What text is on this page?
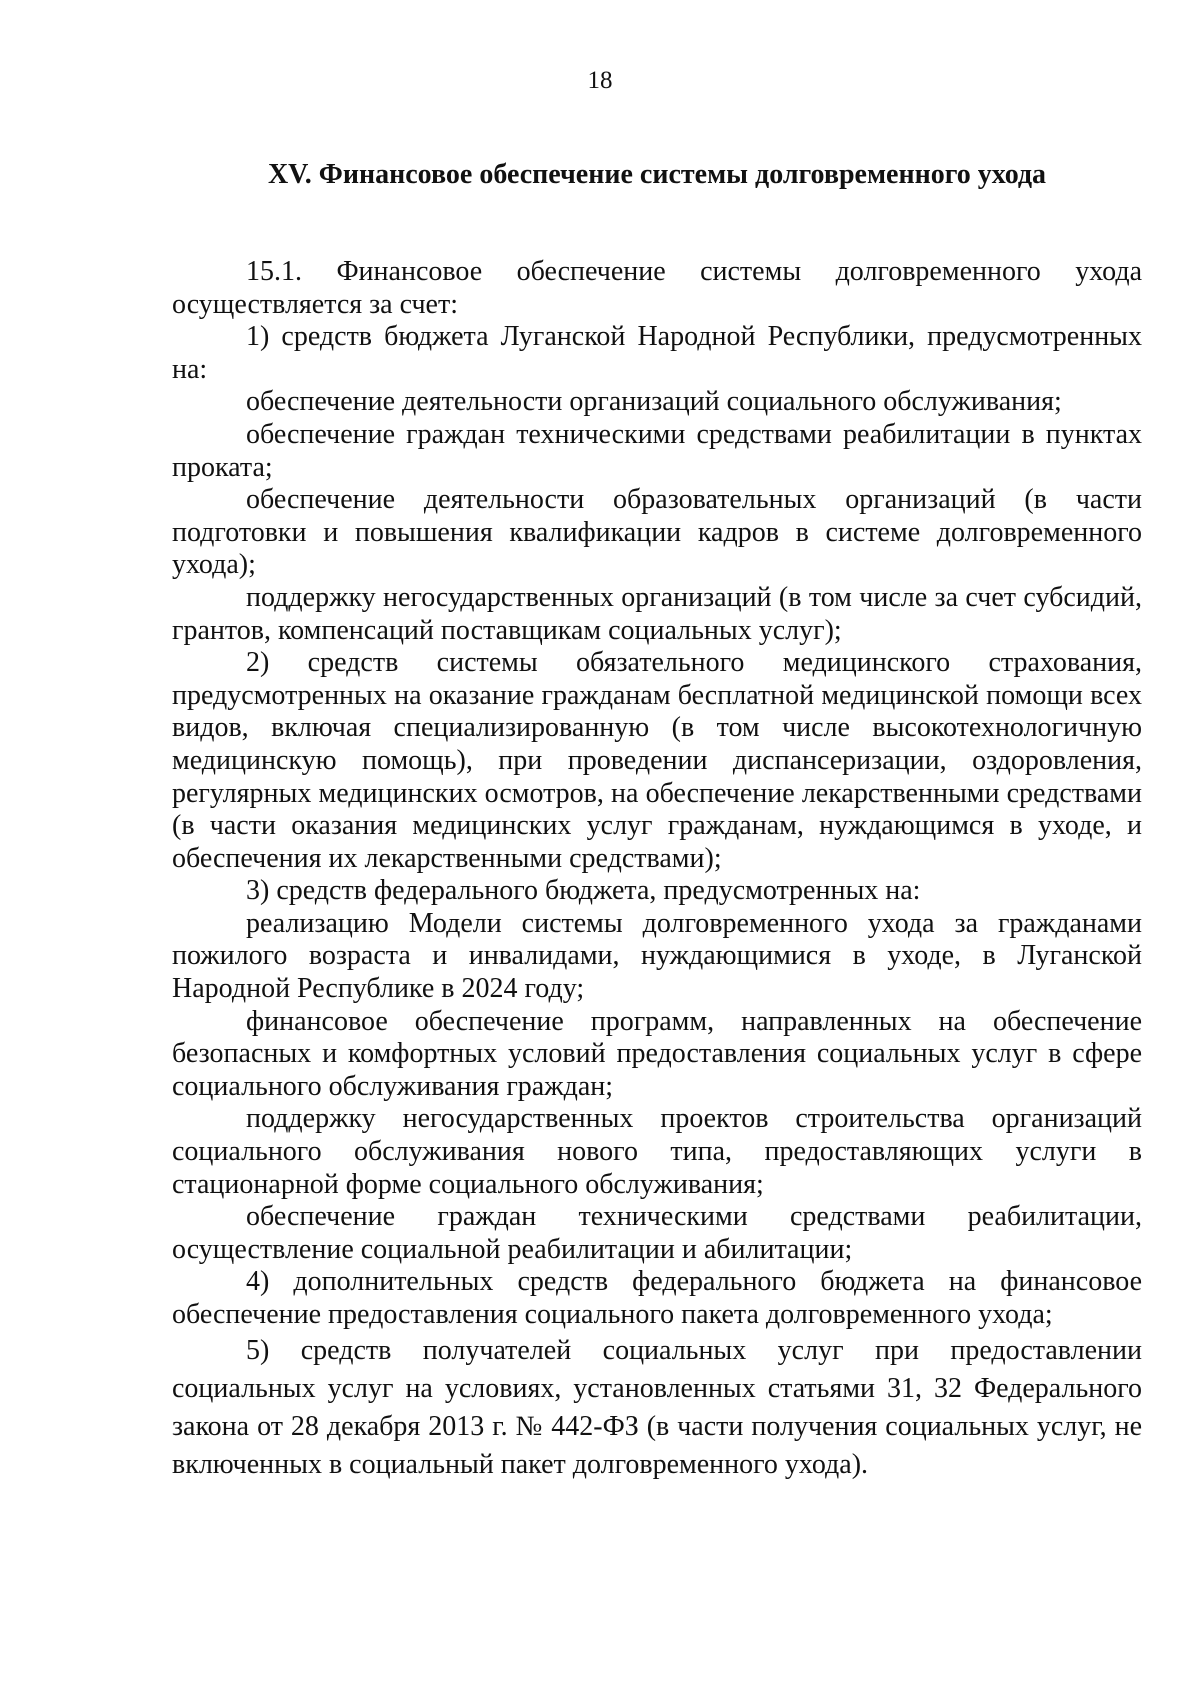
18
XV. Финансовое обеспечение системы долговременного ухода

15.1. Финансовое обеспечение системы долговременного ухода осуществляется за счет:

1) средств бюджета Луганской Народной Республики, предусмотренных на:

обеспечение деятельности организаций социального обслуживания;

обеспечение граждан техническими средствами реабилитации в пунктах проката;

обеспечение деятельности образовательных организаций (в части подготовки и повышения квалификации кадров в системе долговременного ухода);

поддержку негосударственных организаций (в том числе за счет субсидий, грантов, компенсаций поставщикам социальных услуг);

2) средств системы обязательного медицинского страхования, предусмотренных на оказание гражданам бесплатной медицинской помощи всех видов, включая специализированную (в том числе высокотехнологичную медицинскую помощь), при проведении диспансеризации, оздоровления, регулярных медицинских осмотров, на обеспечение лекарственными средствами (в части оказания медицинских услуг гражданам, нуждающимся в уходе, и обеспечения их лекарственными средствами);

3) средств федерального бюджета, предусмотренных на:

реализацию Модели системы долговременного ухода за гражданами пожилого возраста и инвалидами, нуждающимися в уходе, в Луганской Народной Республике в 2024 году;

финансовое обеспечение программ, направленных на обеспечение безопасных и комфортных условий предоставления социальных услуг в сфере социального обслуживания граждан;

поддержку негосударственных проектов строительства организаций социального обслуживания нового типа, предоставляющих услуги в стационарной форме социального обслуживания;

обеспечение граждан техническими средствами реабилитации, осуществление социальной реабилитации и абилитации;

4) дополнительных средств федерального бюджета на финансовое обеспечение предоставления социального пакета долговременного ухода;

5) средств получателей социальных услуг при предоставлении социальных услуг на условиях, установленных статьями 31, 32 Федерального закона от 28 декабря 2013 г. № 442-ФЗ (в части получения социальных услуг, не включенных в социальный пакет долговременного ухода).
